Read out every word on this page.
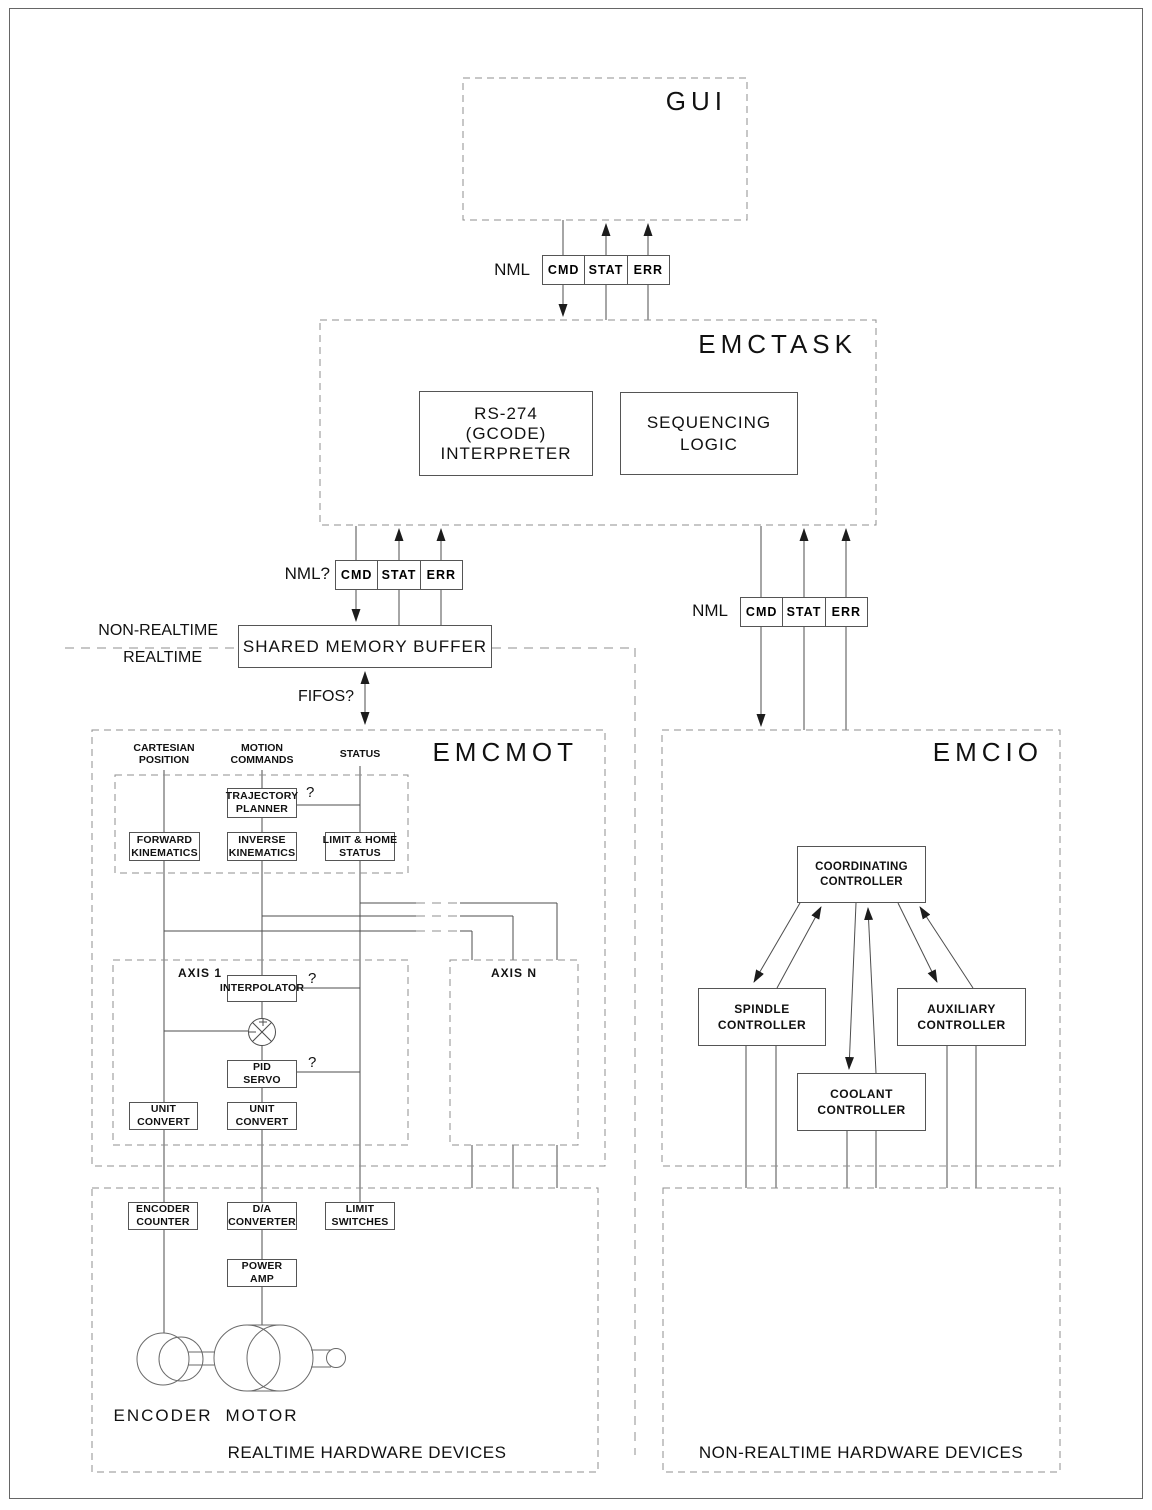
GUI
EMCTASK
EMCMOT	EMCIO
NML	CMD STAT ERR
NML? CMD STAT ERR
NML	CMD STAT ERR
RS-274
(GCODE)
INTERPRETER
SEQUENCING
LOGIC
NON-REALTIME
REALTIME
SHARED MEMORY BUFFER
FIFOS?
CARTESIAN
POSITION
MOTION
COMMANDS	STATUS
TRAJECTORY
PLANNER
FORWARD
KINEMATICS
INVERSE
KINEMATICS
LIMIT & HOME
STATUS
AXIS 1	AXIS N
?
?
?
INTERPOLATOR
PID
SERVO
UNIT
CONVERT
UNIT
CONVERT
COORDINATING
CONTROLLER
SPINDLE
CONTROLLER
AUXILIARY
CONTROLLER
COOLANT
CONTROLLER
ENCODER
COUNTER
D/A
CONVERTER
LIMIT
SWITCHES
POWER
AMP
ENCODER MOTOR
REALTIME HARDWARE DEVICES	NON-REALTIME HARDWARE DEVICES
